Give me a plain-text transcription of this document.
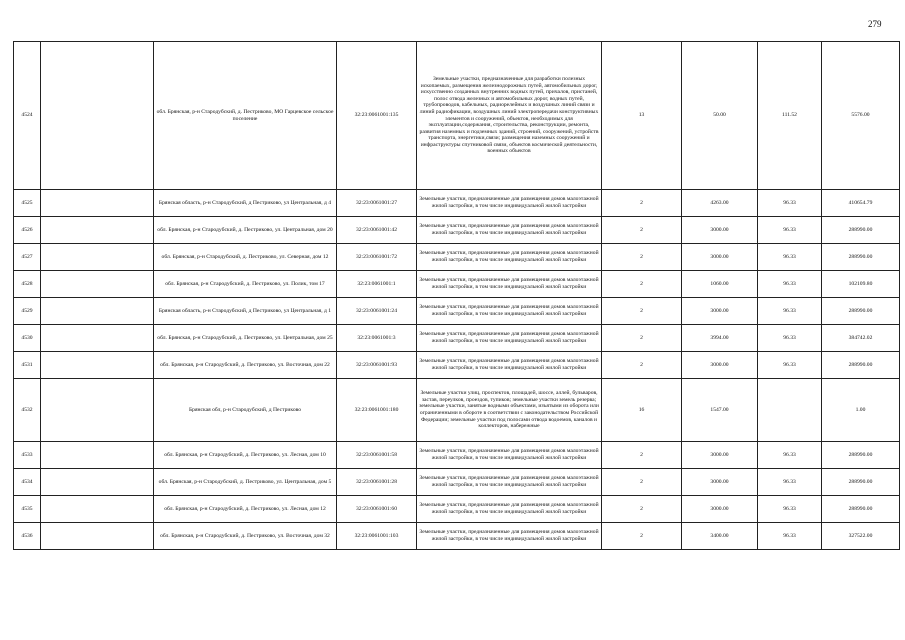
279
4524		обл. Брянская, р-н Стародубский, д. Пестриково, МО Гарцевское сельское поселение	32:23:0061001:135	Земельные участки, предназначенные для разработки полезных ископаемых, размещения железнодорожных путей, автомобильных дорог, искусственно созданных внутренних водных путей, причалов, пристаней, полос отвода железных и автомобильных дорог, водных путей, трубопроводов, кабельных, радиорелейных и воздушных линий связи и линий радиофикации, воздушных линий электропередачи конструктивных элементов и сооружений, объектов, необходимых для эксплуатации,содержания, строительства, реконструкции, ремонта, развития наземных и подземных зданий, строений, сооружений, устройств транспорта, энергетики,связи; размещения наземных сооружений и инфраструктуры спутниковой связи, объектов космической деятельности, военных объектов	13	50.00	111.52	5576.00
4525		Брянская область, р-н Стародубский, д Пестриково, ул Центральная, д 4	32:23:0061001:27	Земельные участки, предназначенные для размещения домов малоэтажной жилой застройки, в том числе индивидуальной жилой застройки	2	4263.00	96.33	410654.79
4526		обл. Брянская, р-н Стародубский, д. Пестриково, ул. Центральная, дом 20	32:23:0061001:42	Земельные участки, предназначенные для размещения домов малоэтажной жилой застройки, в том числе индивидуальной жилой застройки	2	3000.00	96.33	288990.00
4527		обл. Брянская, р-н Стародубский, д. Пестриково, ул. Северная, дом 12	32:23:0061001:72	Земельные участки, предназначенные для размещения домов малоэтажной жилой застройки, в том числе индивидуальной жилой застройки	2	3000.00	96.33	288990.00
4528		обл. Брянская, р-н Стародубский, д. Пестриково, ул. Полик, том 17	32:23:0061001:1	Земельные участки, предназначенные для размещения домов малоэтажной жилой застройки, в том числе индивидуальной жилой застройки	2	1060.00	96.33	102109.80
4529		Брянская область, р-н Стародубский, д Пестриково, ул Центральная, д 1	32:23:0061001:24	Земельные участки, предназначенные для размещения домов малоэтажной жилой застройки, в том числе индивидуальной жилой застройки	2	3000.00	96.33	288990.00
4530		обл. Брянская, р-н Стародубский, д. Пестриково, ул. Центральная, дом 25	32:23:0061001:3	Земельные участки, предназначенные для размещения домов малоэтажной жилой застройки, в том числе индивидуальной жилой застройки	2	3994.00	96.33	384742.02
4531		обл. Брянская, р-н Стародубский, д. Пестриково, ул. Восточная, дом 22	32:23:0061001:93	Земельные участки, предназначенные для размещения домов малоэтажной жилой застройки, в том числе индивидуальной жилой застройки	2	3000.00	96.33	288990.00
4532		Брянская обл, р-н Стародубский, д Пестриково	32:23:0061001:180	Земельные участки улиц, проспектов, площадей, шоссе, аллей, бульваров, застав, переулков, проездов, тупиков; земельные участки земель резерва; земельные участки, занятые водными объектами, изъятыми из оборота или ограниченными в обороте в соответствии с законодательством Российской Федерации; земельные участки под полосами отвода водоемов, каналов и коллекторов, набережные	16	1547.00		1.00
4533		обл. Брянская, р-н Стародубский, д. Пестриково, ул. Лесная, дом 10	32:23:0061001:58	Земельные участки, предназначенные для размещения домов малоэтажной жилой застройки, в том числе индивидуальной жилой застройки	2	3000.00	96.33	288990.00
4534		обл. Брянская, р-н Стародубский, д. Пестриково, ул. Центральная, дом 5	32:23:0061001:28	Земельные участки, предназначенные для размещения домов малоэтажной жилой застройки, в том числе индивидуальной жилой застройки	2	3000.00	96.33	288990.00
4535		обл. Брянская, р-н Стародубский, д. Пестриково, ул. Лесная, дом 12	32:23:0061001:60	Земельные участки, предназначенные для размещения домов малоэтажной жилой застройки, в том числе индивидуальной жилой застройки	2	3000.00	96.33	288990.00
4536		обл. Брянская, р-н Стародубский, д. Пестриково, ул. Восточная, дом 32	32:23:0061001:103	Земельные участки, предназначенные для размещения домов малоэтажной жилой застройки, в том числе индивидуальной жилой застройки	2	3400.00	96.33	327522.00
